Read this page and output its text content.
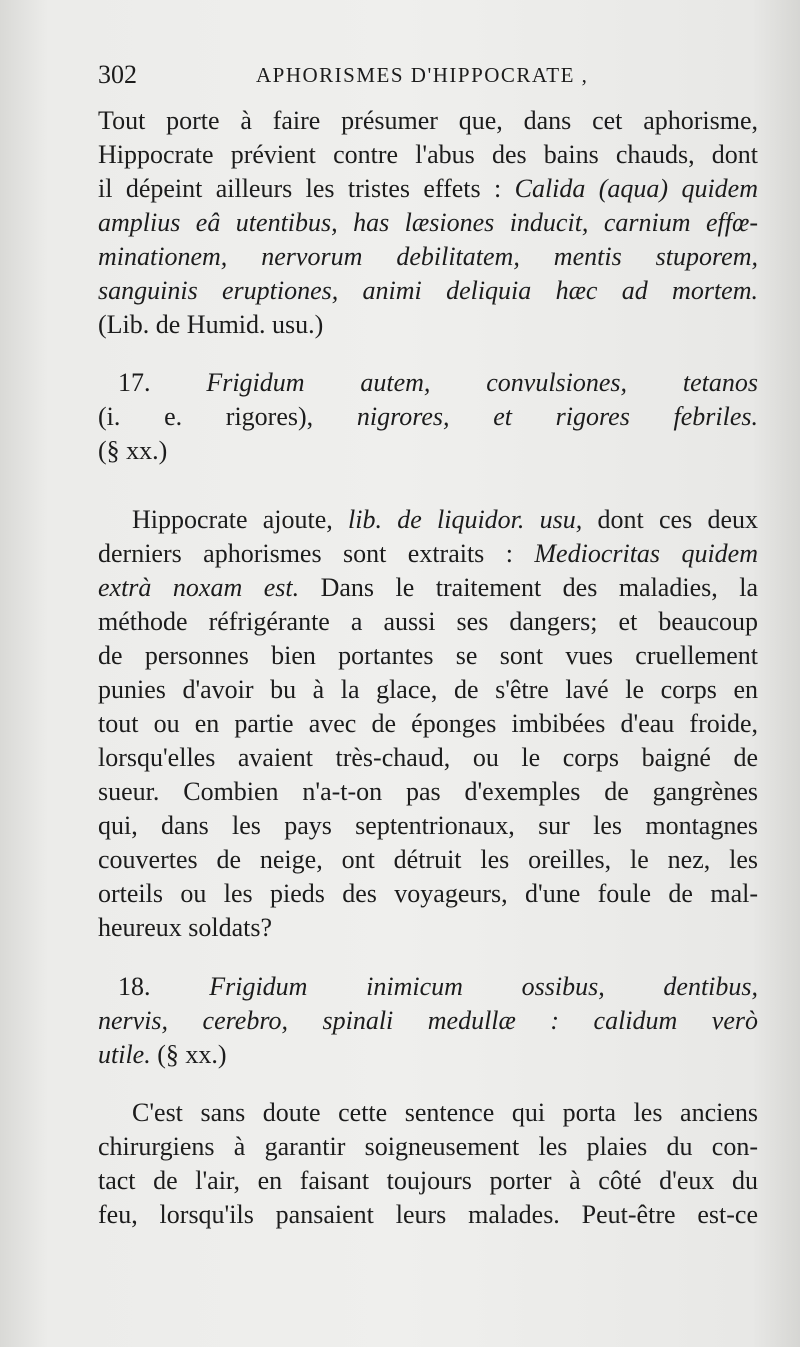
302	APHORISMES D'HIPPOCRATE ,
Tout porte à faire présumer que, dans cet aphorisme,
Hippocrate prévient contre l'abus des bains chauds, dont
il dépeint ailleurs les tristes effets : Calida (aqua) quidem
amplius eâ utentibus, has læsiones inducit, carnium effœ-
minationem, nervorum debilitatem, mentis stuporem,
sanguinis eruptiones, animi deliquia hæc ad mortem.
(Lib. de Humid. usu.)
17. Frigidum autem, convulsiones, tetanos
(i. e. rigores), nigrores, et rigores febriles.
(§ xx.)
Hippocrate ajoute, lib. de liquidor. usu, dont ces deux
derniers aphorismes sont extraits : Mediocritas quidem
extrà noxam est. Dans le traitement des maladies, la
méthode réfrigérante a aussi ses dangers; et beaucoup
de personnes bien portantes se sont vues cruellement
punies d'avoir bu à la glace, de s'être lavé le corps en
tout ou en partie avec de éponges imbibées d'eau froide,
lorsqu'elles avaient très-chaud, ou le corps baigné de
sueur. Combien n'a-t-on pas d'exemples de gangrènes
qui, dans les pays septentrionaux, sur les montagnes
couvertes de neige, ont détruit les oreilles, le nez, les
orteils ou les pieds des voyageurs, d'une foule de mal-
heureux soldats?
18. Frigidum inimicum ossibus, dentibus,
nervis, cerebro, spinali medullæ : calidum verò
utile. (§ xx.)
C'est sans doute cette sentence qui porta les anciens
chirurgiens à garantir soigneusement les plaies du con-
tact de l'air, en faisant toujours porter à côté d'eux du
feu, lorsqu'ils pansaient leurs malades. Peut-être est-ce
